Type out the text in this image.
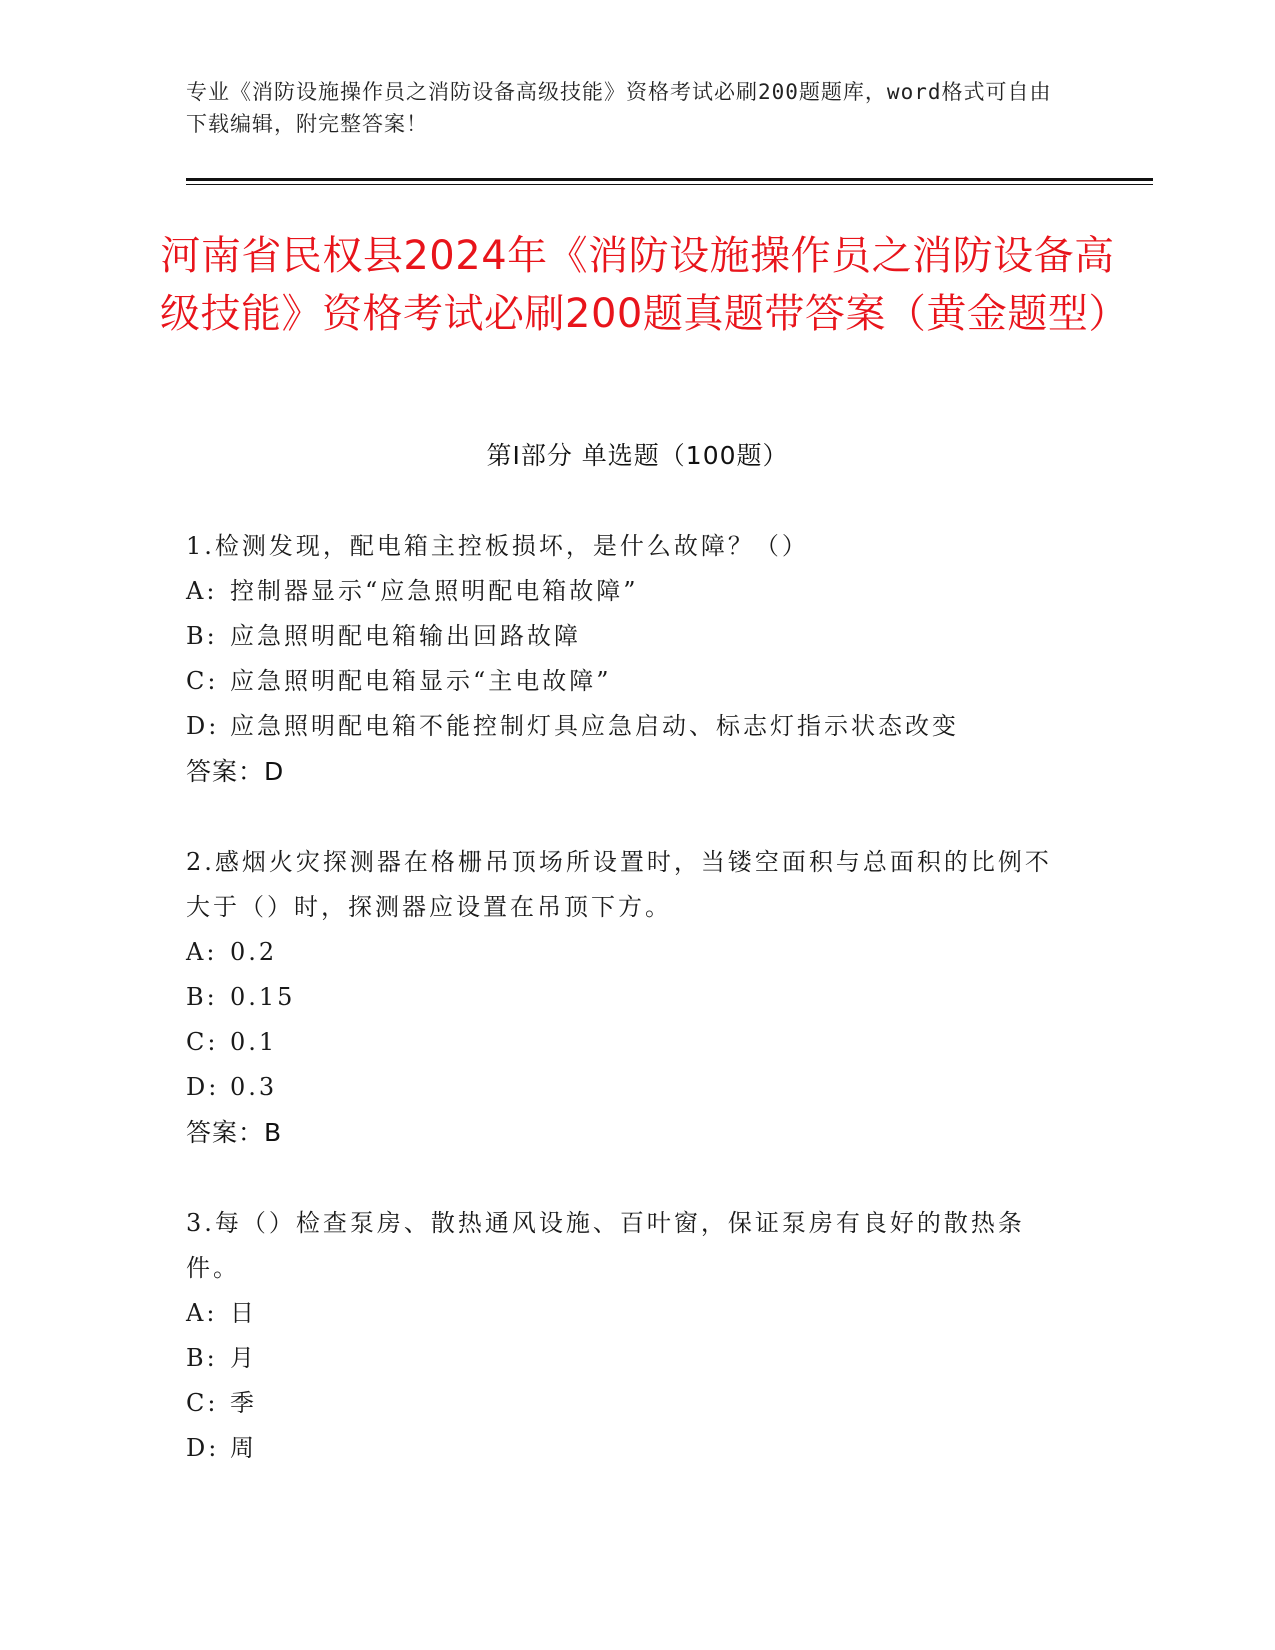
专业《消防设施操作员之消防设备高级技能》资格考试必刷200题题库，word格式可自由下载编辑，附完整答案！
河南省民权县2024年《消防设施操作员之消防设备高级技能》资格考试必刷200题真题带答案（黄金题型）
第Ⅰ部分 单选题（100题）
1.检测发现，配电箱主控板损坏，是什么故障？（）
A: 控制器显示“应急照明配电箱故障”
B: 应急照明配电箱输出回路故障
C: 应急照明配电箱显示“主电故障”
D: 应急照明配电箱不能控制灯具应急启动、标志灯指示状态改变
答案：D
2.感烟火灾探测器在格栅吊顶场所设置时，当镂空面积与总面积的比例不大于（）时，探测器应设置在吊顶下方。
A: 0.2
B: 0.15
C: 0.1
D: 0.3
答案：B
3.每（）检查泵房、散热通风设施、百叶窗，保证泵房有良好的散热条件。
A: 日
B: 月
C: 季
D: 周
